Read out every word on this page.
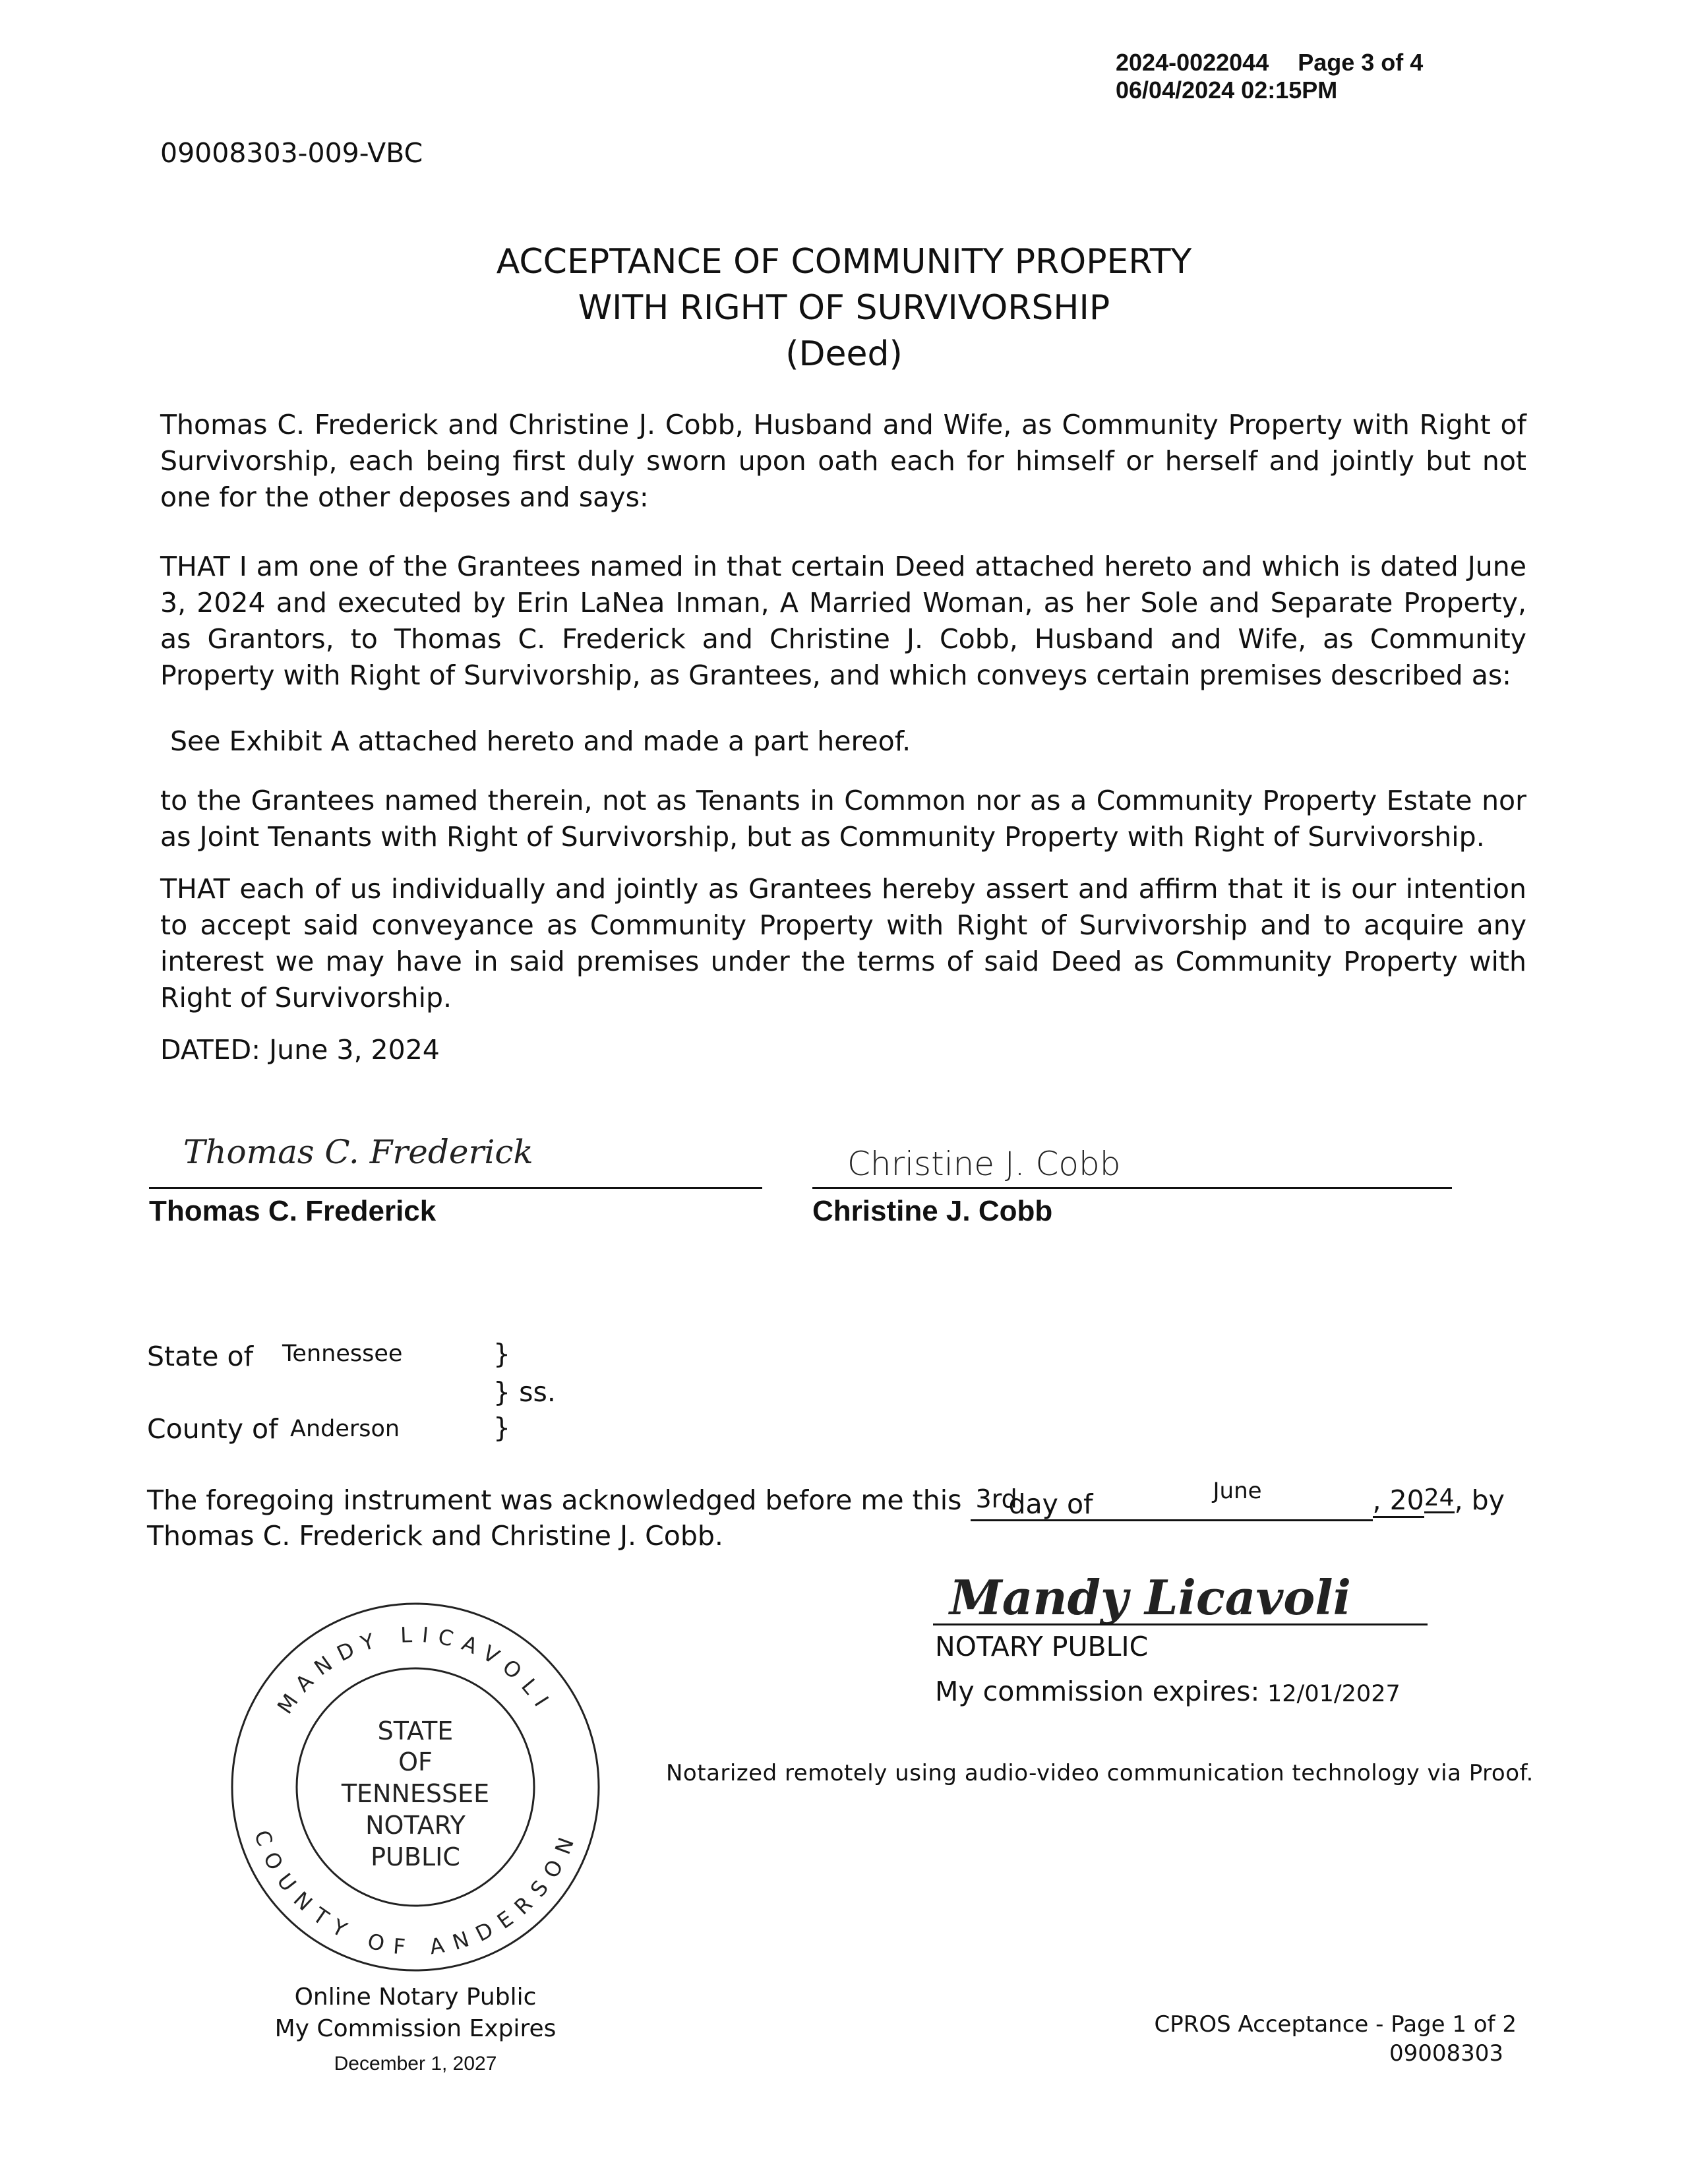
2024-0022044 Page 3 of 4
06/04/2024 02:15PM
09008303-009-VBC
ACCEPTANCE OF COMMUNITY PROPERTY
WITH RIGHT OF SURVIVORSHIP
(Deed)
Thomas C. Frederick and Christine J. Cobb, Husband and Wife, as Community Property with Right of Survivorship, each being first duly sworn upon oath each for himself or herself and jointly but not one for the other deposes and says:
THAT I am one of the Grantees named in that certain Deed attached hereto and which is dated June 3, 2024 and executed by Erin LaNea Inman, A Married Woman, as her Sole and Separate Property, as Grantors, to Thomas C. Frederick and Christine J. Cobb, Husband and Wife, as Community Property with Right of Survivorship, as Grantees, and which conveys certain premises described as:
See Exhibit A attached hereto and made a part hereof.
to the Grantees named therein, not as Tenants in Common nor as a Community Property Estate nor as Joint Tenants with Right of Survivorship, but as Community Property with Right of Survivorship.
THAT each of us individually and jointly as Grantees hereby assert and affirm that it is our intention to accept said conveyance as Community Property with Right of Survivorship and to acquire any interest we may have in said premises under the terms of said Deed as Community Property with Right of Survivorship.
DATED: June 3, 2024
Thomas C. Frederick
Thomas C. Frederick
Christine J. Cobb
Christine J. Cobb
State of Tennessee	}
} ss.
County of Anderson	}
The foregoing instrument was acknowledged before me this 3rd
day of	June	, 2024, by
Thomas C. Frederick and Christine J. Cobb.
Mandy Licavoli
NOTARY PUBLIC
My commission expires: 12/01/2027
Notarized remotely using audio-video communication technology via Proof.
MANDY LICAVOLI
COUNTY OF ANDERSON
STATE
OF
TENNESSEE
NOTARY
PUBLIC
Online Notary Public
My Commission Expires
December 1, 2027
CPROS Acceptance - Page 1 of 2
09008303
